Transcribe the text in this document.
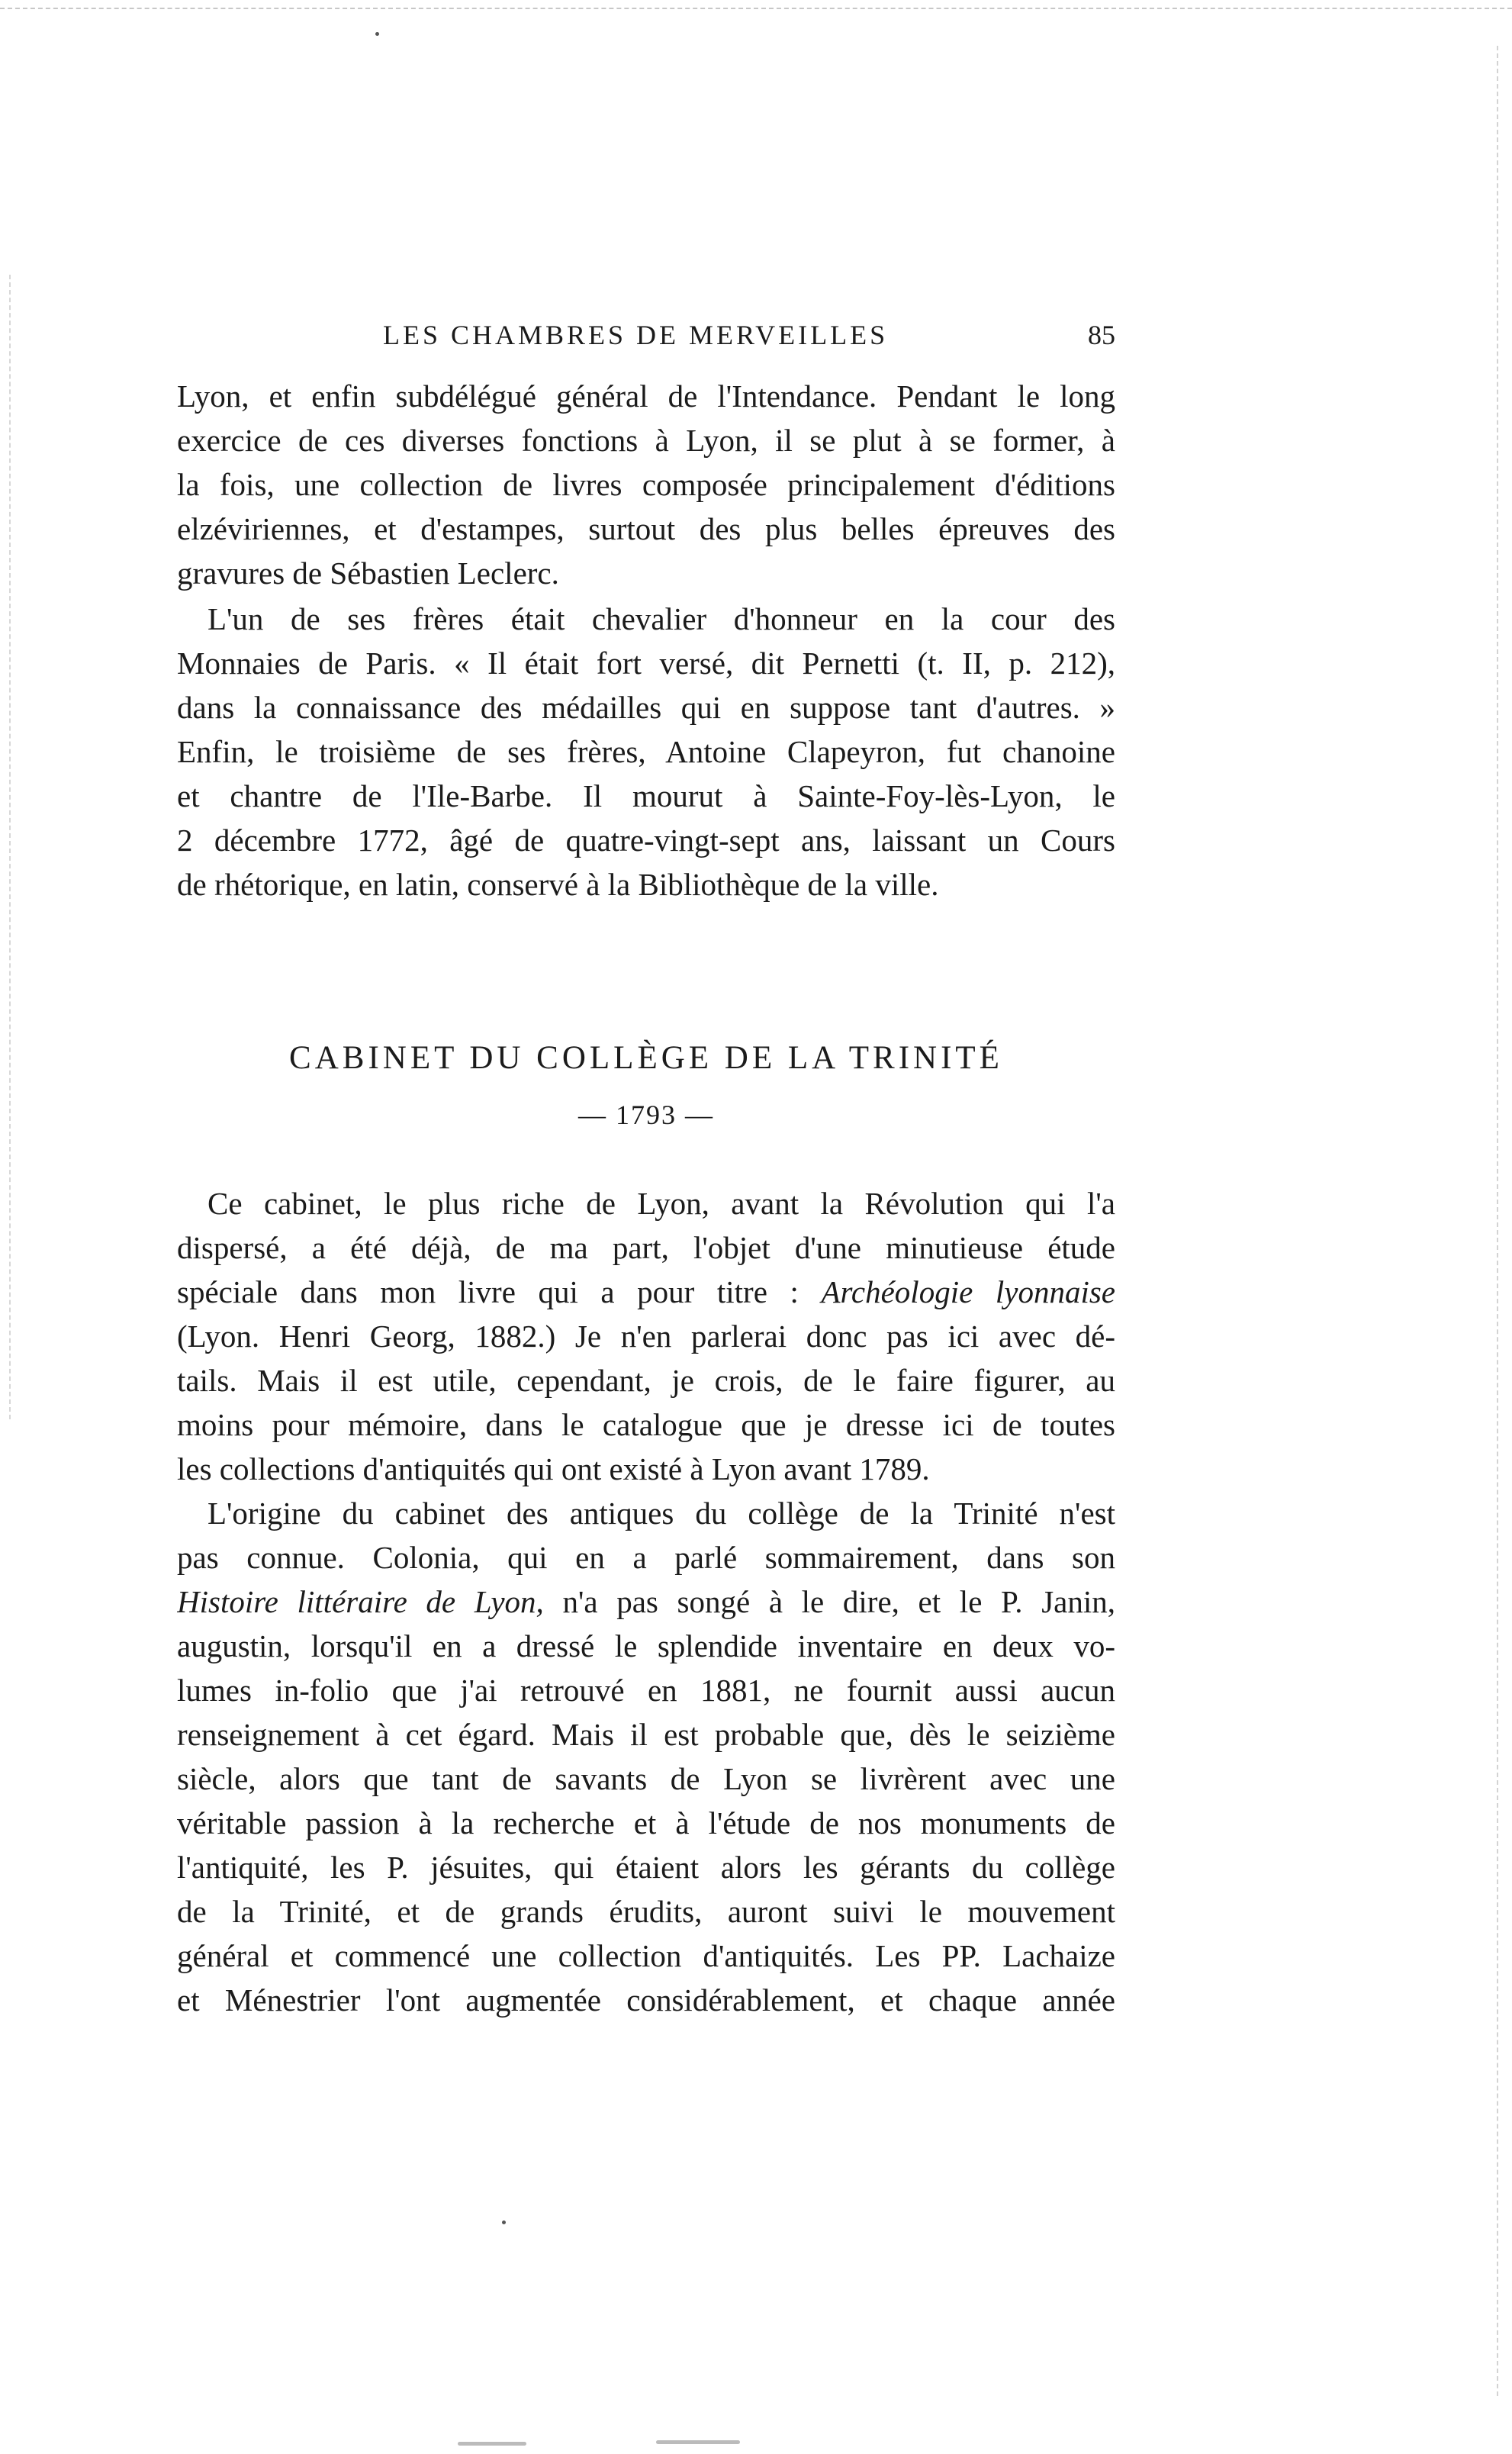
LES CHAMBRES DE MERVEILLES	85
Lyon, et enfin subdélégué général de l'Intendance. Pendant le long
exercice de ces diverses fonctions à Lyon, il se plut à se former, à
la fois, une collection de livres composée principalement d'éditions
elzéviriennes, et d'estampes, surtout des plus belles épreuves des
gravures de Sébastien Leclerc.
L'un de ses frères était chevalier d'honneur en la cour des
Monnaies de Paris. « Il était fort versé, dit Pernetti (t. II, p. 212),
dans la connaissance des médailles qui en suppose tant d'autres. »
Enfin, le troisième de ses frères, Antoine Clapeyron, fut chanoine
et chantre de l'Ile-Barbe. Il mourut à Sainte-Foy-lès-Lyon, le
2 décembre 1772, âgé de quatre-vingt-sept ans, laissant un Cours
de rhétorique, en latin, conservé à la Bibliothèque de la ville.
CABINET DU COLLÈGE DE LA TRINITÉ
— 1793 —
Ce cabinet, le plus riche de Lyon, avant la Révolution qui l'a
dispersé, a été déjà, de ma part, l'objet d'une minutieuse étude
spéciale dans mon livre qui a pour titre : Archéologie lyonnaise
(Lyon. Henri Georg, 1882.) Je n'en parlerai donc pas ici avec dé-
tails. Mais il est utile, cependant, je crois, de le faire figurer, au
moins pour mémoire, dans le catalogue que je dresse ici de toutes
les collections d'antiquités qui ont existé à Lyon avant 1789.
L'origine du cabinet des antiques du collège de la Trinité n'est
pas connue. Colonia, qui en a parlé sommairement, dans son
Histoire littéraire de Lyon, n'a pas songé à le dire, et le P. Janin,
augustin, lorsqu'il en a dressé le splendide inventaire en deux vo-
lumes in-folio que j'ai retrouvé en 1881, ne fournit aussi aucun
renseignement à cet égard. Mais il est probable que, dès le seizième
siècle, alors que tant de savants de Lyon se livrèrent avec une
véritable passion à la recherche et à l'étude de nos monuments de
l'antiquité, les P. jésuites, qui étaient alors les gérants du collège
de la Trinité, et de grands érudits, auront suivi le mouvement
général et commencé une collection d'antiquités. Les PP. Lachaize
et Ménestrier l'ont augmentée considérablement, et chaque année
